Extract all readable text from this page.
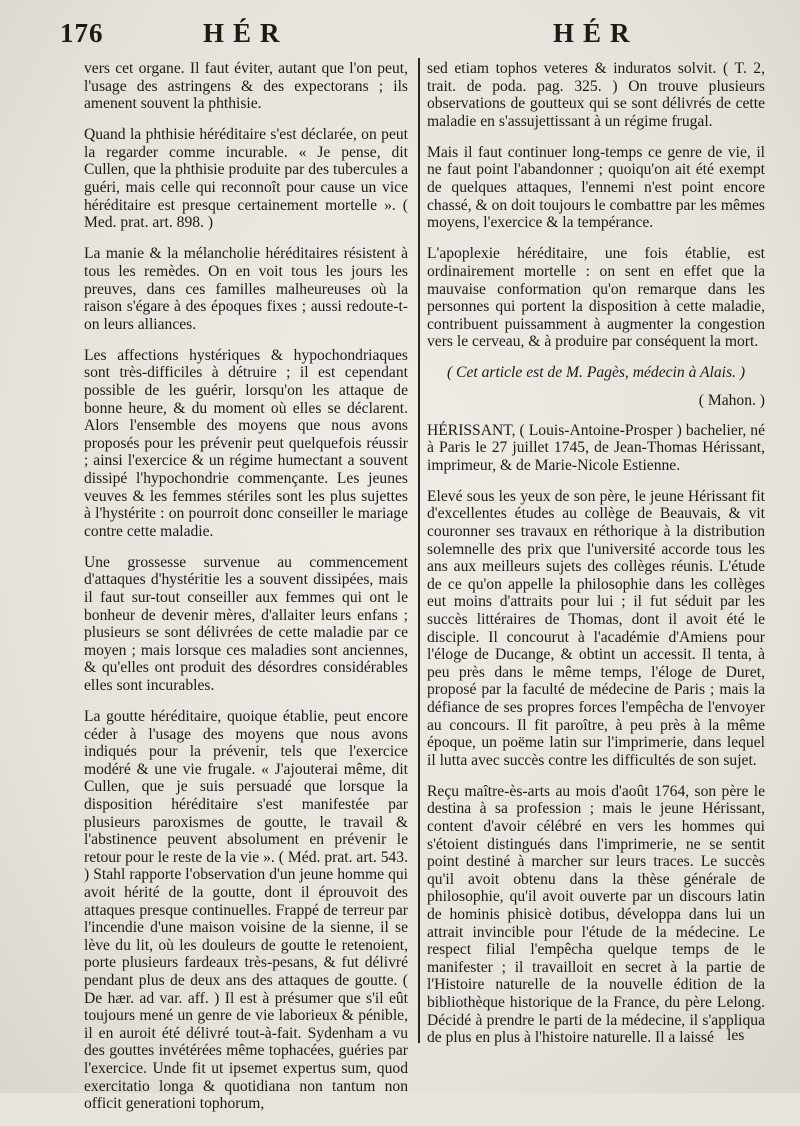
176	HÉR	HÉR

vers cet organe. Il faut éviter, autant que l'on peut, l'usage des astringens & des expectorans ; ils amenent souvent la phthisie.

Quand la phthisie héréditaire s'est déclarée, on peut la regarder comme incurable. « Je pense, dit Cullen, que la phthisie produite par des tubercules a guéri, mais celle qui reconnoît pour cause un vice héréditaire est presque certainement mortelle ». ( Med. prat. art. 898. )

La manie & la mélancholie héréditaires résistent à tous les remèdes. On en voit tous les jours les preuves, dans ces familles malheureuses où la raison s'égare à des époques fixes ; aussi redoute-t-on leurs alliances.

Les affections hystériques & hypochondriaques sont très-difficiles à détruire ; il est cependant possible de les guérir, lorsqu'on les attaque de bonne heure, & du moment où elles se déclarent. Alors l'ensemble des moyens que nous avons proposés pour les prévenir peut quelquefois réussir ; ainsi l'exercice & un régime humectant a souvent dissipé l'hypochondrie commençante. Les jeunes veuves & les femmes stériles sont les plus sujettes à l'hystérite : on pourroit donc conseiller le mariage contre cette maladie.

Une grossesse survenue au commencement d'attaques d'hystéritie les a souvent dissipées, mais il faut sur-tout conseiller aux femmes qui ont le bonheur de devenir mères, d'allaiter leurs enfans ; plusieurs se sont délivrées de cette maladie par ce moyen ; mais lorsque ces maladies sont anciennes, & qu'elles ont produit des désordres considérables elles sont incurables.

La goutte héréditaire, quoique établie, peut encore céder à l'usage des moyens que nous avons indiqués pour la prévenir, tels que l'exercice modéré & une vie frugale. « J'ajouterai même, dit Cullen, que je suis persuadé que lorsque la disposition héréditaire s'est manifestée par plusieurs paroxismes de goutte, le travail & l'abstinence peuvent absolument en prévenir le retour pour le reste de la vie ». ( Méd. prat. art. 543. ) Stahl rapporte l'observation d'un jeune homme qui avoit hérité de la goutte, dont il éprouvoit des attaques presque continuelles. Frappé de terreur par l'incendie d'une maison voisine de la sienne, il se lève du lit, où les douleurs de goutte le retenoient, porte plusieurs fardeaux très-pesans, & fut délivré pendant plus de deux ans des attaques de goutte. ( De hær. ad var. aff. ) Il est à présumer que s'il eût toujours mené un genre de vie laborieux & pénible, il en auroit été délivré tout-à-fait. Sydenham a vu des gouttes invétérées même tophacées, guéries par l'exercice. Unde fit ut ipsemet expertus sum, quod exercitatio longa & quotidiana non tantum non officit generationi tophorum,

sed etiam tophos veteres & induratos solvit. ( T. 2, trait. de poda. pag. 325. ) On trouve plusieurs observations de goutteux qui se sont délivrés de cette maladie en s'assujettissant à un régime frugal.

Mais il faut continuer long-temps ce genre de vie, il ne faut point l'abandonner ; quoiqu'on ait été exempt de quelques attaques, l'ennemi n'est point encore chassé, & on doit toujours le combattre par les mêmes moyens, l'exercice & la tempérance.

L'apoplexie héréditaire, une fois établie, est ordinairement mortelle : on sent en effet que la mauvaise conformation qu'on remarque dans les personnes qui portent la disposition à cette maladie, contribuent puissamment à augmenter la congestion vers le cerveau, & à produire par conséquent la mort.

( Cet article est de M. Pagès, médecin à Alais. )

( Mahon. )

HÉRISSANT, ( Louis-Antoine-Prosper ) bachelier, né à Paris le 27 juillet 1745, de Jean-Thomas Hérissant, imprimeur, & de Marie-Nicole Estienne.

Elevé sous les yeux de son père, le jeune Hérissant fit d'excellentes études au collège de Beauvais, & vit couronner ses travaux en réthorique à la distribution solemnelle des prix que l'université accorde tous les ans aux meilleurs sujets des collèges réunis. L'étude de ce qu'on appelle la philosophie dans les collèges eut moins d'attraits pour lui ; il fut séduit par les succès littéraires de Thomas, dont il avoit été le disciple. Il concourut à l'académie d'Amiens pour l'éloge de Ducange, & obtint un accessit. Il tenta, à peu près dans le même temps, l'éloge de Duret, proposé par la faculté de médecine de Paris ; mais la défiance de ses propres forces l'empêcha de l'envoyer au concours. Il fit paroître, à peu près à la même époque, un poëme latin sur l'imprimerie, dans lequel il lutta avec succès contre les difficultés de son sujet.

Reçu maître-ès-arts au mois d'août 1764, son père le destina à sa profession ; mais le jeune Hérissant, content d'avoir célébré en vers les hommes qui s'étoient distingués dans l'imprimerie, ne se sentit point destiné à marcher sur leurs traces. Le succès qu'il avoit obtenu dans la thèse générale de philosophie, qu'il avoit ouverte par un discours latin de hominis phisicè dotibus, développa dans lui un attrait invincible pour l'étude de la médecine. Le respect filial l'empêcha quelque temps de le manifester ; il travailloit en secret à la partie de l'Histoire naturelle de la nouvelle édition de la bibliothèque historique de la France, du père Lelong. Décidé à prendre le parti de la médecine, il s'appliqua de plus en plus à l'histoire naturelle. Il a laissé les
